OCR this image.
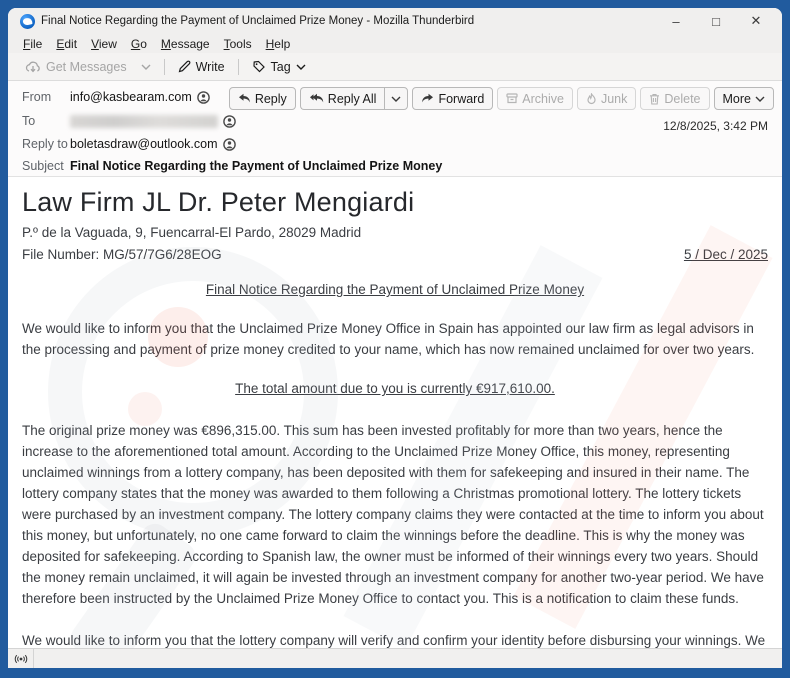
Final Notice Regarding the Payment of Unclaimed Prize Money - Mozilla Thunderbird	–	□	✕
File	Edit	View	Go	Message	Tools	Help
Get Messages	Write	Tag
From	info@kasbearam.com
To
Reply to boletasdraw@outlook.com
Subject Final Notice Regarding the Payment of Unclaimed Prize Money
Reply	Reply All	Forward	Archive	Junk	Delete More
12/8/2025, 3:42 PM
Law Firm JL Dr. Peter Mengiardi
P.º de la Vaguada, 9, Fuencarral-El Pardo, 28029 Madrid
File Number: MG/57/7G6/28EOG	5 / Dec / 2025
Final Notice Regarding the Payment of Unclaimed Prize Money
We would like to inform you that the Unclaimed Prize Money Office in Spain has appointed our law firm as legal advisors in the processing and payment of prize money credited to your name, which has now remained unclaimed for over two years.
The total amount due to you is currently €917,610.00.
The original prize money was €896,315.00. This sum has been invested profitably for more than two years, hence the increase to the aforementioned total amount. According to the Unclaimed Prize Money Office, this money, representing unclaimed winnings from a lottery company, has been deposited with them for safekeeping and insured in their name. The lottery company states that the money was awarded to them following a Christmas promotional lottery. The lottery tickets were purchased by an investment company. The lottery company claims they were contacted at the time to inform you about this money, but unfortunately, no one came forward to claim the winnings before the deadline. This is why the money was deposited for safekeeping. According to Spanish law, the owner must be informed of their winnings every two years. Should the money remain unclaimed, it will again be invested through an investment company for another two-year period. We have therefore been instructed by the Unclaimed Prize Money Office to contact you. This is a notification to claim these funds.
We would like to inform you that the lottery company will verify and confirm your identity before disbursing your winnings. We
